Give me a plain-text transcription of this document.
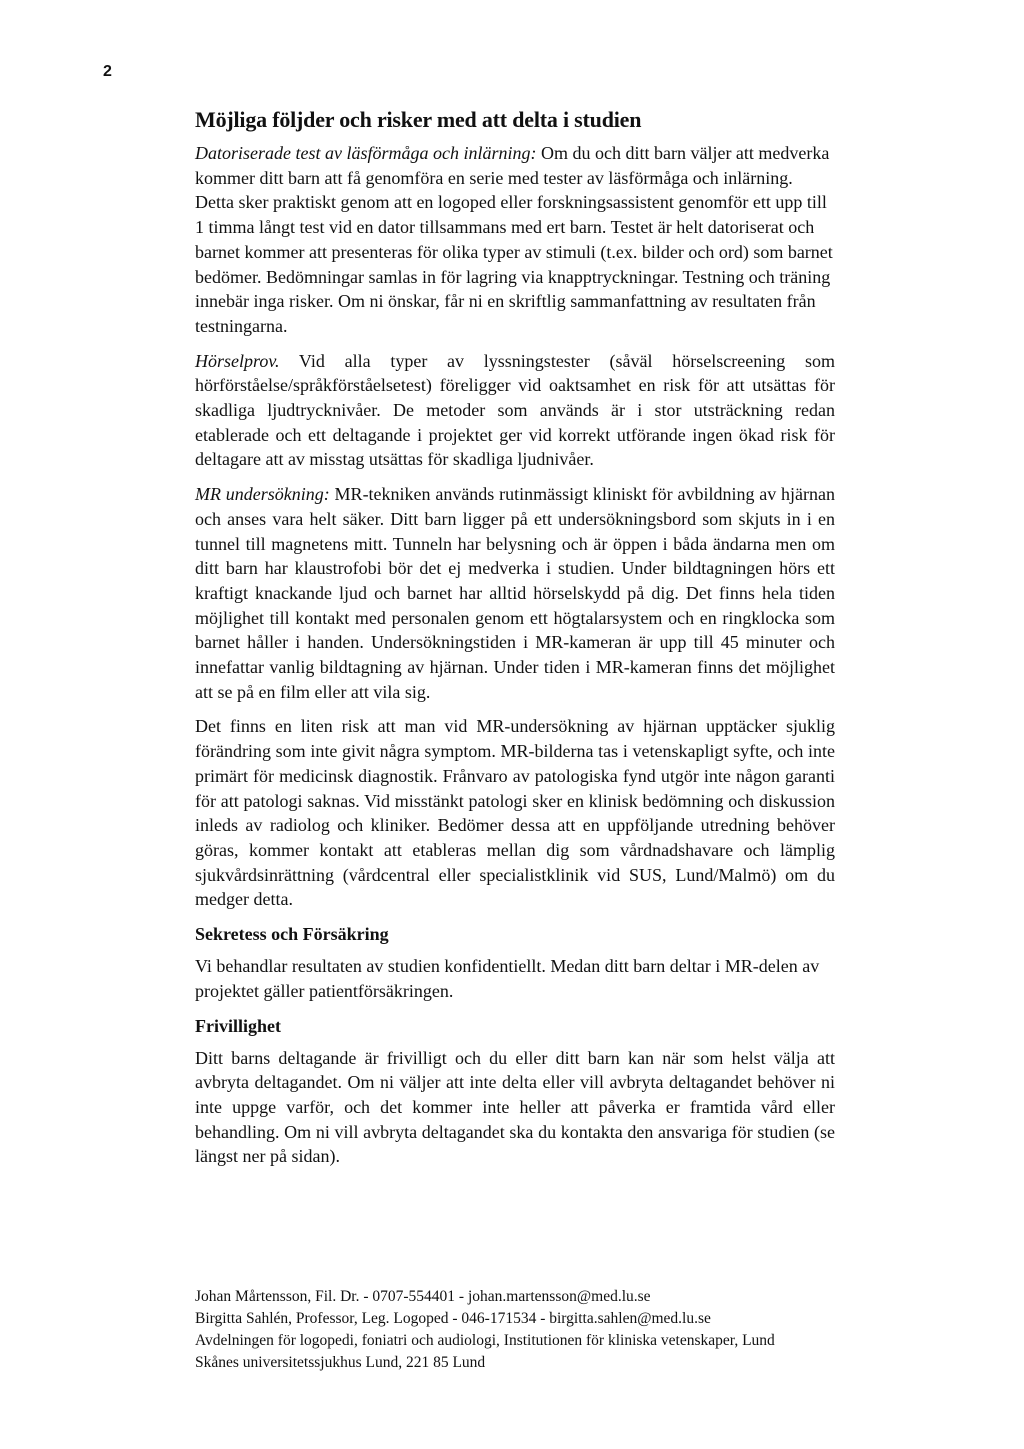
2
Möjliga följder och risker med att delta i studien

Datoriserade test av läsförmåga och inlärning: Om du och ditt barn väljer att medverka kommer ditt barn att få genomföra en serie med tester av läsförmåga och inlärning. Detta sker praktiskt genom att en logoped eller forskningsassistent genomför ett upp till 1 timma långt test vid en dator tillsammans med ert barn. Testet är helt datoriserat och barnet kommer att presenteras för olika typer av stimuli (t.ex. bilder och ord) som barnet bedömer. Bedömningar samlas in för lagring via knapptryckningar. Testning och träning innebär inga risker. Om ni önskar, får ni en skriftlig sammanfattning av resultaten från testningarna.

Hörselprov. Vid alla typer av lyssningstester (såväl hörselscreening som hörförståelse/språkförståelsetest) föreligger vid oaktsamhet en risk för att utsättas för skadliga ljudtrycknivåer. De metoder som används är i stor utsträckning redan etablerade och ett deltagande i projektet ger vid korrekt utförande ingen ökad risk för deltagare att av misstag utsättas för skadliga ljudnivåer.

MR undersökning: MR-tekniken används rutinmässigt kliniskt för avbildning av hjärnan och anses vara helt säker. Ditt barn ligger på ett undersökningsbord som skjuts in i en tunnel till magnetens mitt. Tunneln har belysning och är öppen i båda ändarna men om ditt barn har klaustrofobi bör det ej medverka i studien. Under bildtagningen hörs ett kraftigt knackande ljud och barnet har alltid hörselskydd på dig. Det finns hela tiden möjlighet till kontakt med personalen genom ett högtalarsystem och en ringklocka som barnet håller i handen. Undersökningstiden i MR-kameran är upp till 45 minuter och innefattar vanlig bildtagning av hjärnan. Under tiden i MR-kameran finns det möjlighet att se på en film eller att vila sig.

Det finns en liten risk att man vid MR-undersökning av hjärnan upptäcker sjuklig förändring som inte givit några symptom. MR-bilderna tas i vetenskapligt syfte, och inte primärt för medicinsk diagnostik. Frånvaro av patologiska fynd utgör inte någon garanti för att patologi saknas. Vid misstänkt patologi sker en klinisk bedömning och diskussion inleds av radiolog och kliniker. Bedömer dessa att en uppföljande utredning behöver göras, kommer kontakt att etableras mellan dig som vårdnadshavare och lämplig sjukvårdsinrättning (vårdcentral eller specialistklinik vid SUS, Lund/Malmö) om du medger detta.

Sekretess och Försäkring

Vi behandlar resultaten av studien konfidentiellt. Medan ditt barn deltar i MR-delen av projektet gäller patientförsäkringen.

Frivillighet

Ditt barns deltagande är frivilligt och du eller ditt barn kan när som helst välja att avbryta deltagandet. Om ni väljer att inte delta eller vill avbryta deltagandet behöver ni inte uppge varför, och det kommer inte heller att påverka er framtida vård eller behandling. Om ni vill avbryta deltagandet ska du kontakta den ansvariga för studien (se längst ner på sidan).

Johan Mårtensson, Fil. Dr. - 0707-554401 - johan.martensson@med.lu.se
Birgitta Sahlén, Professor, Leg. Logoped - 046-171534 - birgitta.sahlen@med.lu.se
Avdelningen för logopedi, foniatri och audiologi, Institutionen för kliniska vetenskaper, Lund
Skånes universitetssjukhus Lund, 221 85 Lund
